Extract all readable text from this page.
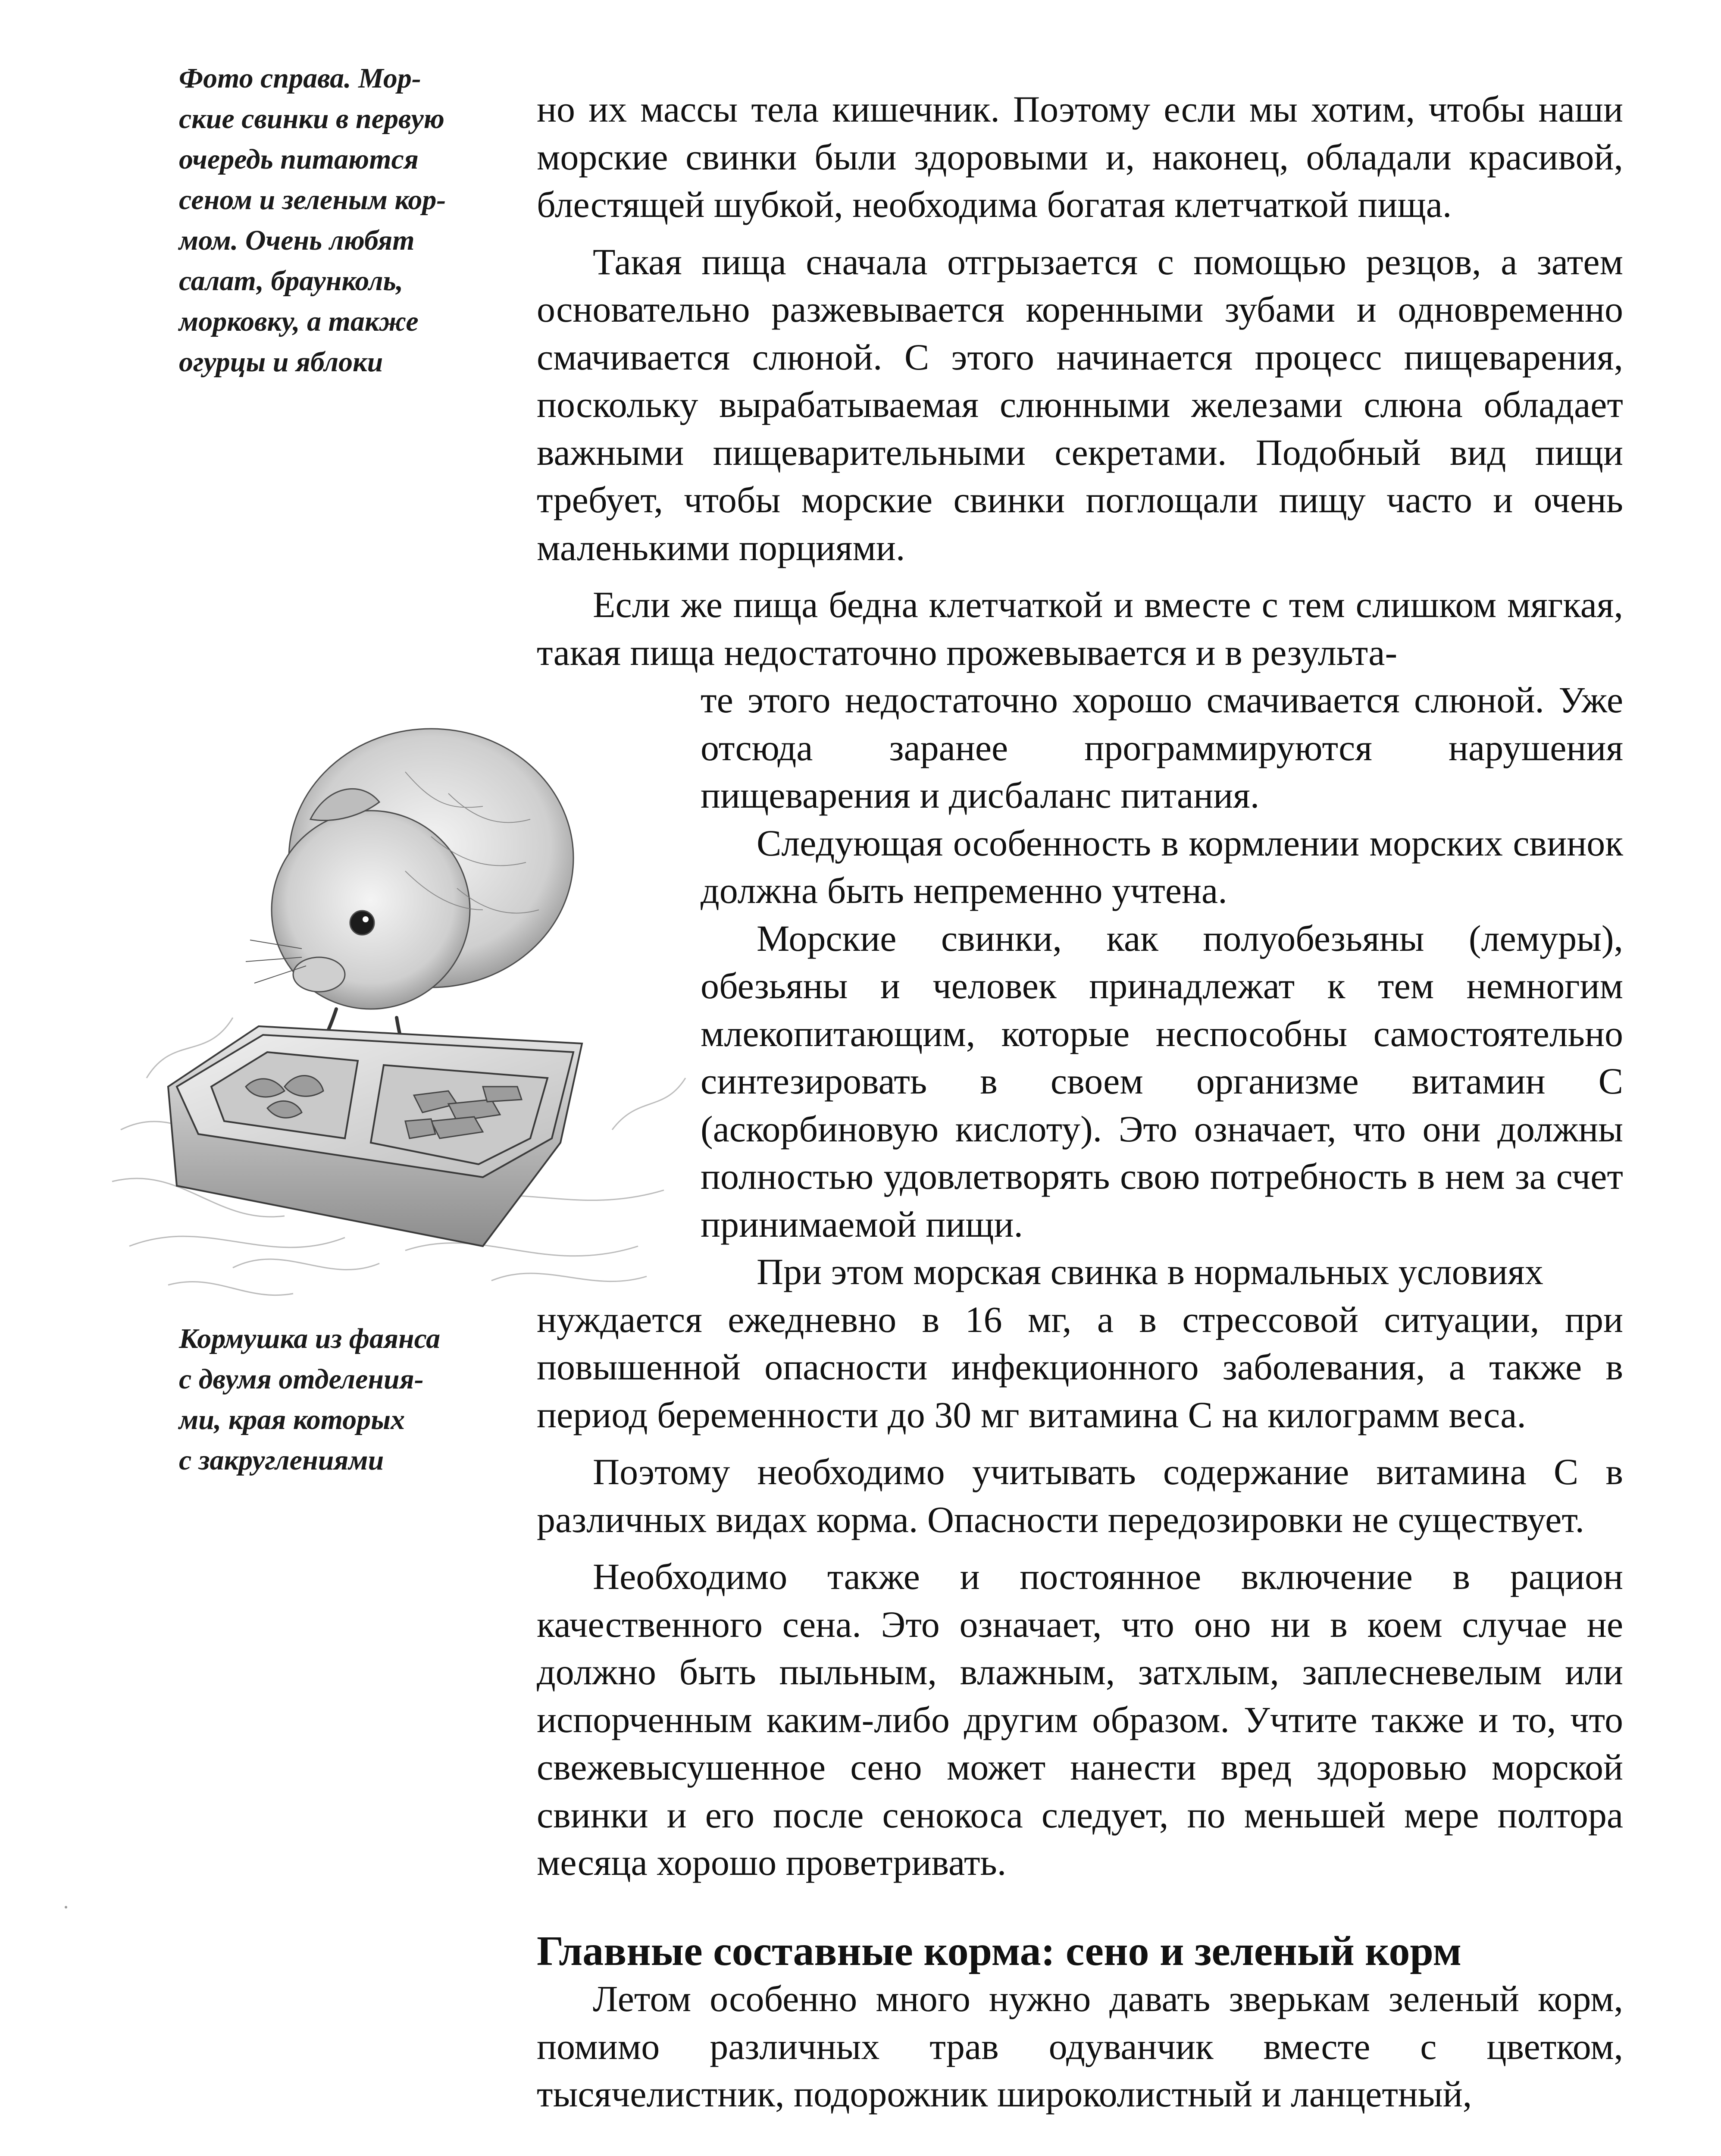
Фото справа. Мор-
ские свинки в первую
очередь питаются
сеном и зеленым кор-
мом. Очень любят
салат, браунколь,
морковку, а также
огурцы и яблоки
Кормушка из фаянса
с двумя отделения-
ми, края которых
с закруглениями

но их массы тела кишечник. Поэтому если мы хотим, чтобы наши морские свинки были здоровыми и, наконец, обладали красивой, блестящей шубкой, необходима богатая клетчаткой пища.

Такая пища сначала отгрызается с помощью резцов, а затем основательно разжевывается коренными зубами и одновременно смачивается слюной. С этого начинается процесс пищеварения, поскольку вырабатываемая слюнными железами слюна обладает важными пищеварительными секретами. Подобный вид пищи требует, чтобы морские свинки поглощали пищу часто и очень маленькими порциями.

Если же пища бедна клетчаткой и вместе с тем слишком мягкая, такая пища недостаточно прожевывается и в результа-

те этого недостаточно хорошо смачивается слюной. Уже отсюда заранее программируются нарушения пищеварения и дисбаланс питания.

Следующая особенность в кормлении морских свинок должна быть непременно учтена.

Морские свинки, как полуобезьяны (лемуры), обезьяны и человек принадлежат к тем немногим млекопитающим, которые неспособны самостоятельно синтезировать в своем организме витамин С (аскорбиновую кислоту). Это означает, что они должны полностью удовлетворять свою потребность в нем за счет принимаемой пищи.

При этом морская свинка в нормальных условиях

нуждается ежедневно в 16 мг, а в стрессовой ситуации, при повышенной опасности инфекционного заболевания, а также в период беременности до 30 мг витамина С на килограмм веса.

Поэтому необходимо учитывать содержание витамина С в различных видах корма. Опасности передозировки не существует.

Необходимо также и постоянное включение в рацион качественного сена. Это означает, что оно ни в коем случае не должно быть пыльным, влажным, затхлым, заплесневелым или испорченным каким-либо другим образом. Учтите также и то, что свежевысушенное сено может нанести вред здоровью морской свинки и его после сенокоса следует, по меньшей мере полтора месяца хорошо проветривать.

Главные составные корма: сено и зеленый корм

Летом особенно много нужно давать зверькам зеленый корм, помимо различных трав одуванчик вместе с цветком, тысячелистник, подорожник широколистный и ланцетный,
